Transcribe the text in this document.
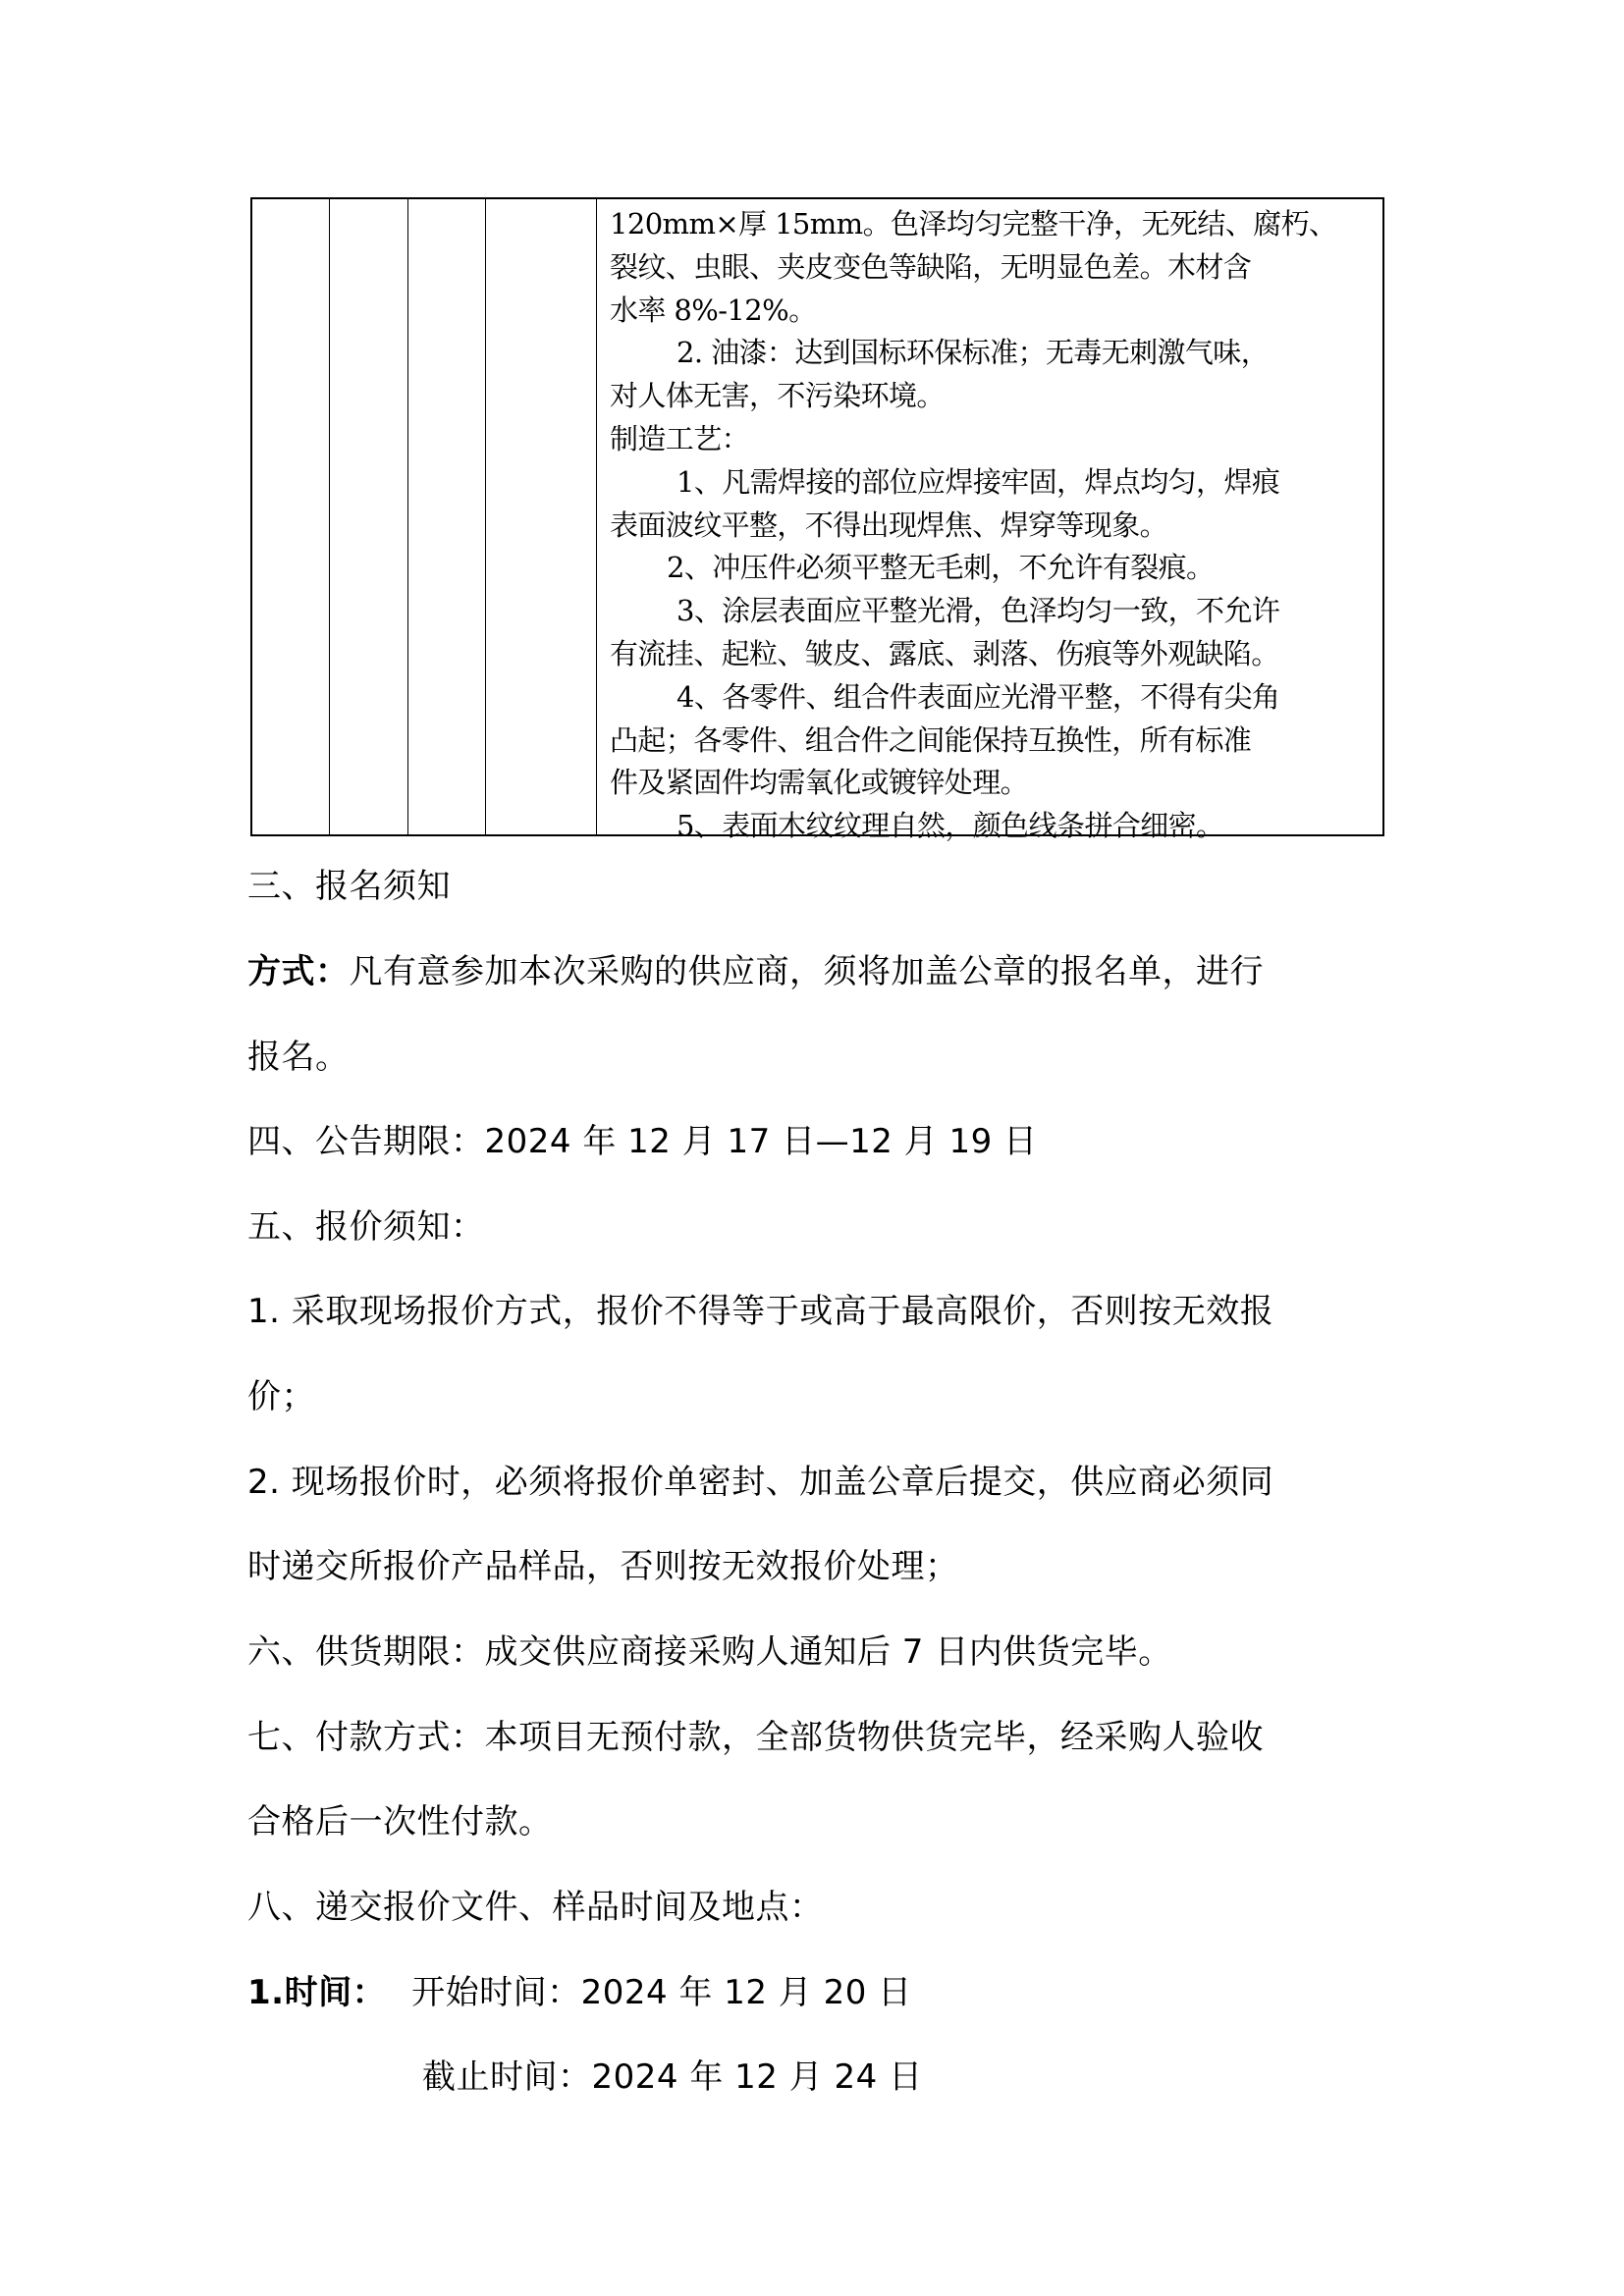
120mm×厚 15mm。色泽均匀完整干净，无死结、腐朽、
裂纹、虫眼、夹皮变色等缺陷，无明显色差。木材含
水率 8%-12%。
2. 油漆：达到国标环保标准；无毒无刺激气味，
对人体无害，不污染环境。
制造工艺：
1、凡需焊接的部位应焊接牢固，焊点均匀，焊痕
表面波纹平整，不得出现焊焦、焊穿等现象。
2、冲压件必须平整无毛刺，不允许有裂痕。
3、涂层表面应平整光滑，色泽均匀一致，不允许
有流挂、起粒、皱皮、露底、剥落、伤痕等外观缺陷。
4、各零件、组合件表面应光滑平整，不得有尖角
凸起；各零件、组合件之间能保持互换性，所有标准
件及紧固件均需氧化或镀锌处理。
5、表面木纹纹理自然，颜色线条拼合细密。
三、报名须知
方式：凡有意参加本次采购的供应商，须将加盖公章的报名单，进行
报名。
四、公告期限：2024 年 12 月 17 日—12 月 19 日
五、报价须知：
1. 采取现场报价方式，报价不得等于或高于最高限价，否则按无效报
价；
2. 现场报价时，必须将报价单密封、加盖公章后提交，供应商必须同
时递交所报价产品样品，否则按无效报价处理；
六、供货期限：成交供应商接采购人通知后 7 日内供货完毕。
七、付款方式：本项目无预付款，全部货物供货完毕，经采购人验收
合格后一次性付款。
八、递交报价文件、样品时间及地点：
1.时间： 开始时间：2024 年 12 月 20 日
截止时间：2024 年 12 月 24 日
